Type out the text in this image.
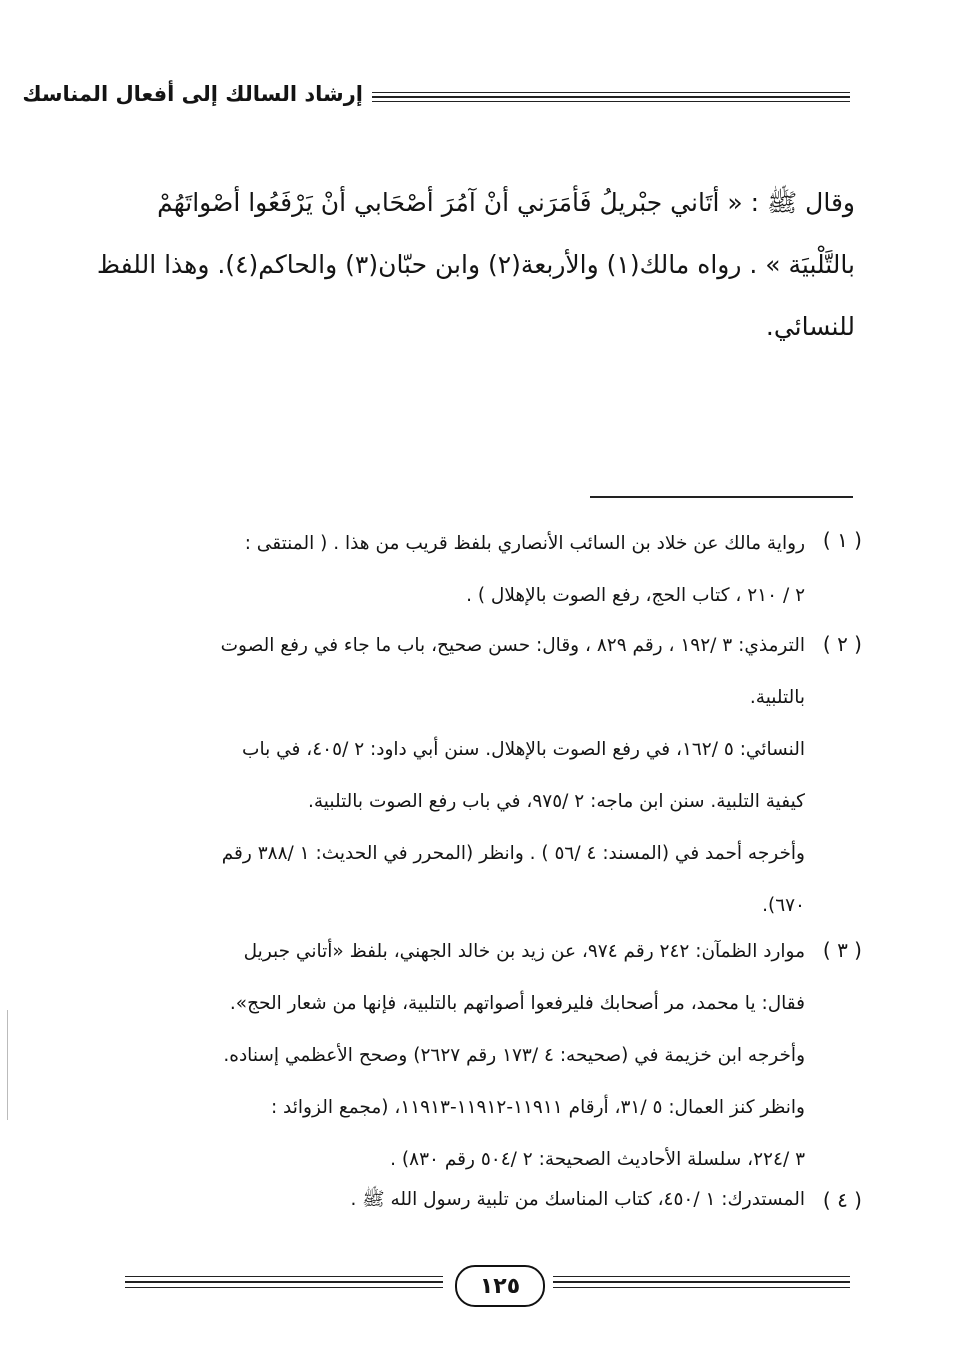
إرشاد السالك إلى أفعال المناسك
وقال ﷺ : « أتَاني جبْريلُ فَأمَرَني أنْ آمُرَ أصْحَابي أنْ يَرْفَعُوا أصْواتَهُمْ
بالتَّلْبيَة » . رواه مالك(١) والأربعة(٢) وابن حبّان(٣) والحاكم(٤). وهذا اللفظ
للنسائي.
( ١ )
رواية مالك عن خلاد بن السائب الأنصاري بلفظ قريب من هذا . ( المنتقى :
٢ / ٢١٠ ، كتاب الحج، رفع الصوت بالإهلال ) .
( ٢ )
الترمذي: ٣ /١٩٢ ، رقم ٨٢٩ ، وقال: حسن صحيح، باب ما جاء في رفع الصوت
بالتلبية.
النسائي: ٥ /١٦٢، في رفع الصوت بالإهلال. سنن أبي داود: ٢ /٤٠٥، في باب
كيفية التلبية. سنن ابن ماجه: ٢ /٩٧٥، في باب رفع الصوت بالتلبية.
وأخرجه أحمد في (المسند: ٤ /٥٦ ) . وانظر (المحرر في الحديث: ١ /٣٨٨ رقم
٦٧٠).
( ٣ )
موارد الظمآن: ٢٤٢ رقم ٩٧٤، عن زيد بن خالد الجهني، بلفظ «أتاني جبريل
فقال: يا محمد، مر أصحابك فليرفعوا أصواتهم بالتلبية، فإنها من شعار الحج».
وأخرجه ابن خزيمة في (صحيحه: ٤ /١٧٣ رقم ٢٦٢٧) وصحح الأعظمي إسناده.
وانظر كنز العمال: ٥ /٣١، أرقام ١١٩١١-١١٩١٢-١١٩١٣، (مجمع الزوائد :
٣ /٢٢٤، سلسلة الأحاديث الصحيحة: ٢ /٥٠٤ رقم ٨٣٠) .
( ٤ )
المستدرك: ١ /٤٥٠، كتاب المناسك من تلبية رسول الله ﷺ .
١٢٥
